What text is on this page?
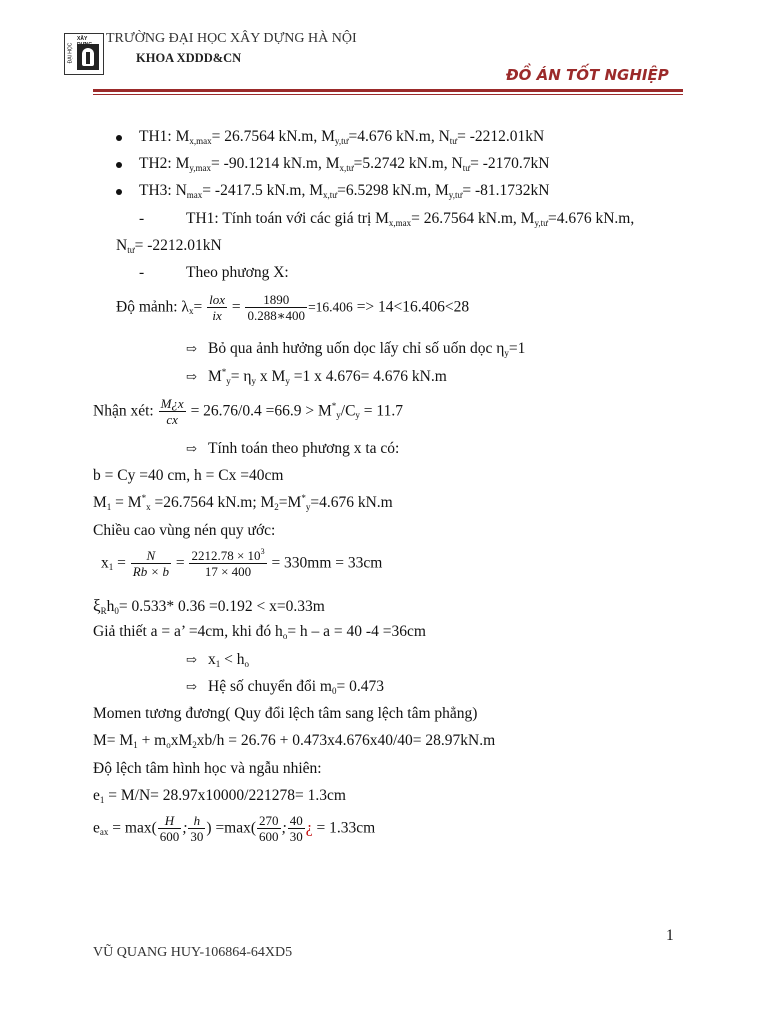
ĐẠI HỌC
XÂY	TRƯỜNG ĐẠI HỌC XÂY DỰNG HÀ NỘI
KHOA XDDD&CN
ĐỒ ÁN TỐT NGHIỆP
TH1: $M_{x,max}= 26.7564$ kN.m, $M_{y,tư}=4.676$ kN.m, $N_{tư}= -2212.01kN$
TH2: $M_{y,max}= -90.1214$ kN.m, $M_{x,tư}=5.2742$ kN.m, $N_{tư}= -2170.7kN$
TH3: $N_{max}= -2417.5$ kN.m, $M_{x,tư}=6.5298$ kN.m, $M_{y,tư}= -81.1732kN$
-	TH1: Tính toán với các giá trị $M_{x,max}= 26.7564$ kN.m, $M_{y,tư}=4.676$ kN.m,
$N_{tư}= -2212.01kN$
-	Theo phương X:
Độ mảnh: $\lambda_x= \frac{\text{lox}}{ix} = \frac{1890}{0.288∗400} =16.406 => 14<16.406<28$
⇨ Bỏ qua ảnh hưởng uốn dọc lấy chỉ số uốn dọc $\eta_y=1$
⇨ $M^*_y= \eta_y$ x $M_y =1$ x 4.676= 4.676 kN.m
Nhận xét: $\frac{M¿x}{cx} = 26.76/0.4 =66.9 > M^*_y/C_y = 11.7$
⇨ Tính toán theo phương x ta có:
b = Cy =40 cm, h = Cx =40cm
$M_1 = M^*_x =26.7564$ kN.m; $M_2=M^*_y=4.676$ kN.m
Chiều cao vùng nén quy ước:
$x_1 = \frac{N}{Rb \times b} = \frac{2212.78 \times 10^3}{17 \times 400} = 330mm = 33cm$
$\xi_Rh_0= 0.533*$ 0.36 =0.192 < x=0.33m
Giả thiết a = a’ =4cm, khi đó $h_o= h - a = 40$ -4 =36cm
⇨ $x_1 < h_o$
⇨ Hệ số chuyển đổi $m_0= 0.473$
Momen tương đương( Quy đổi lệch tâm sang lệch tâm phẳng)
$M= M_1 + m_oxM_2xb/h = 26.76 + 0.473x4.676x40/40= 28.97kN.m$
Độ lệch tâm hình học và ngẫu nhiên:
$e_1 = M/N= 28.97x10000/221278= 1.3cm$
$e_{ax} = \max( \frac{H}{600}$ ; $\frac{h}{30}$ ) $=\max( \frac{270}{600}$ ; $\frac{40}{30}$ ¿ = 1.33cm
1
VŨ QUANG HUY-106864-64XD5
